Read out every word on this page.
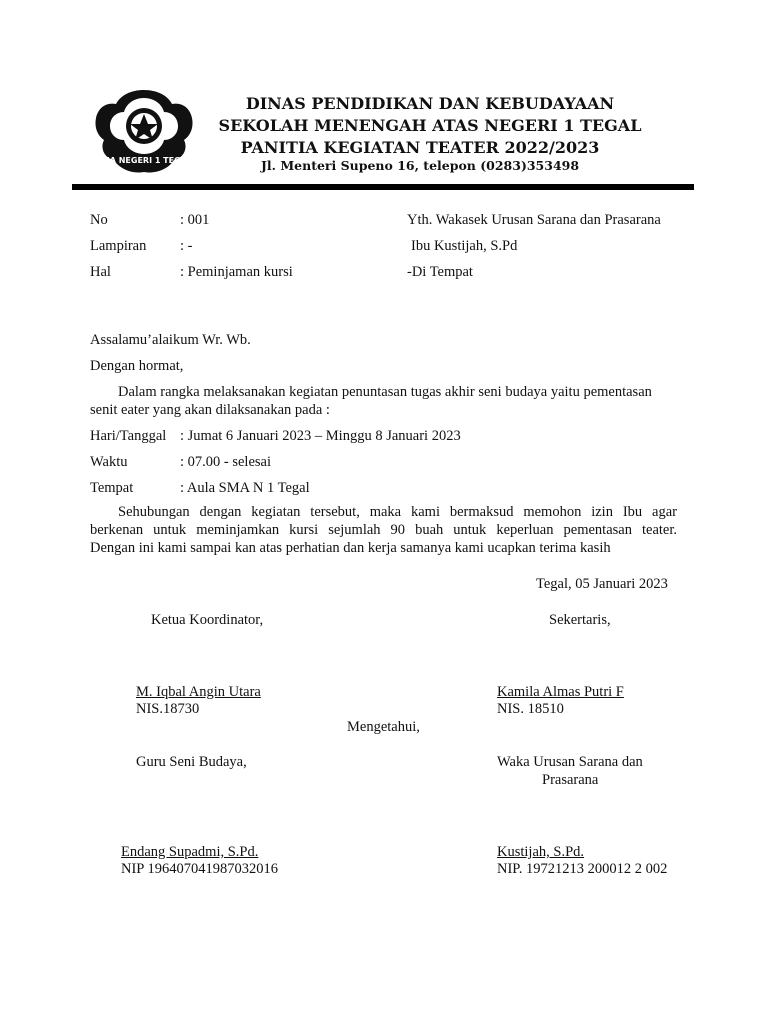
SMA NEGERI 1 TEGAL
DINAS PENDIDIKAN DAN KEBUDAYAAN
SEKOLAH MENENGAH ATAS NEGERI 1 TEGAL
PANITIA KEGIATAN TEATER 2022/2023
Jl. Menteri Supeno 16, telepon (0283)353498
No	: 001
Lampiran : -
Hal	: Peminjaman kursi
Yth. Wakasek Urusan Sarana dan Prasarana
Ibu Kustijah, S.Pd
-Di Tempat
Assalamu’alaikum Wr. Wb.
Dengan hormat,
Dalam rangka melaksanakan kegiatan penuntasan tugas akhir seni budaya yaitu pementasan
senit eater yang akan dilaksanakan pada :
Hari/Tanggal : Jumat 6 Januari 2023 – Minggu 8 Januari 2023
Waktu	: 07.00 - selesai
Tempat	: Aula SMA N 1 Tegal
Sehubungan dengan kegiatan tersebut, maka kami bermaksud memohon izin Ibu agar
berkenan untuk meminjamkan kursi sejumlah 90 buah untuk keperluan pementasan teater.
Dengan ini kami sampai kan atas perhatian dan kerja samanya kami ucapkan terima kasih
Tegal, 05 Januari 2023
Ketua Koordinator,	Sekertaris,
M. Iqbal Angin Utara
NIS.18730
Kamila Almas Putri F
NIS. 18510
Mengetahui,
Guru Seni Budaya,	Waka Urusan Sarana dan
Prasarana
Endang Supadmi, S.Pd.
NIP 196407041987032016
Kustijah, S.Pd.
NIP. 19721213 200012 2 002
